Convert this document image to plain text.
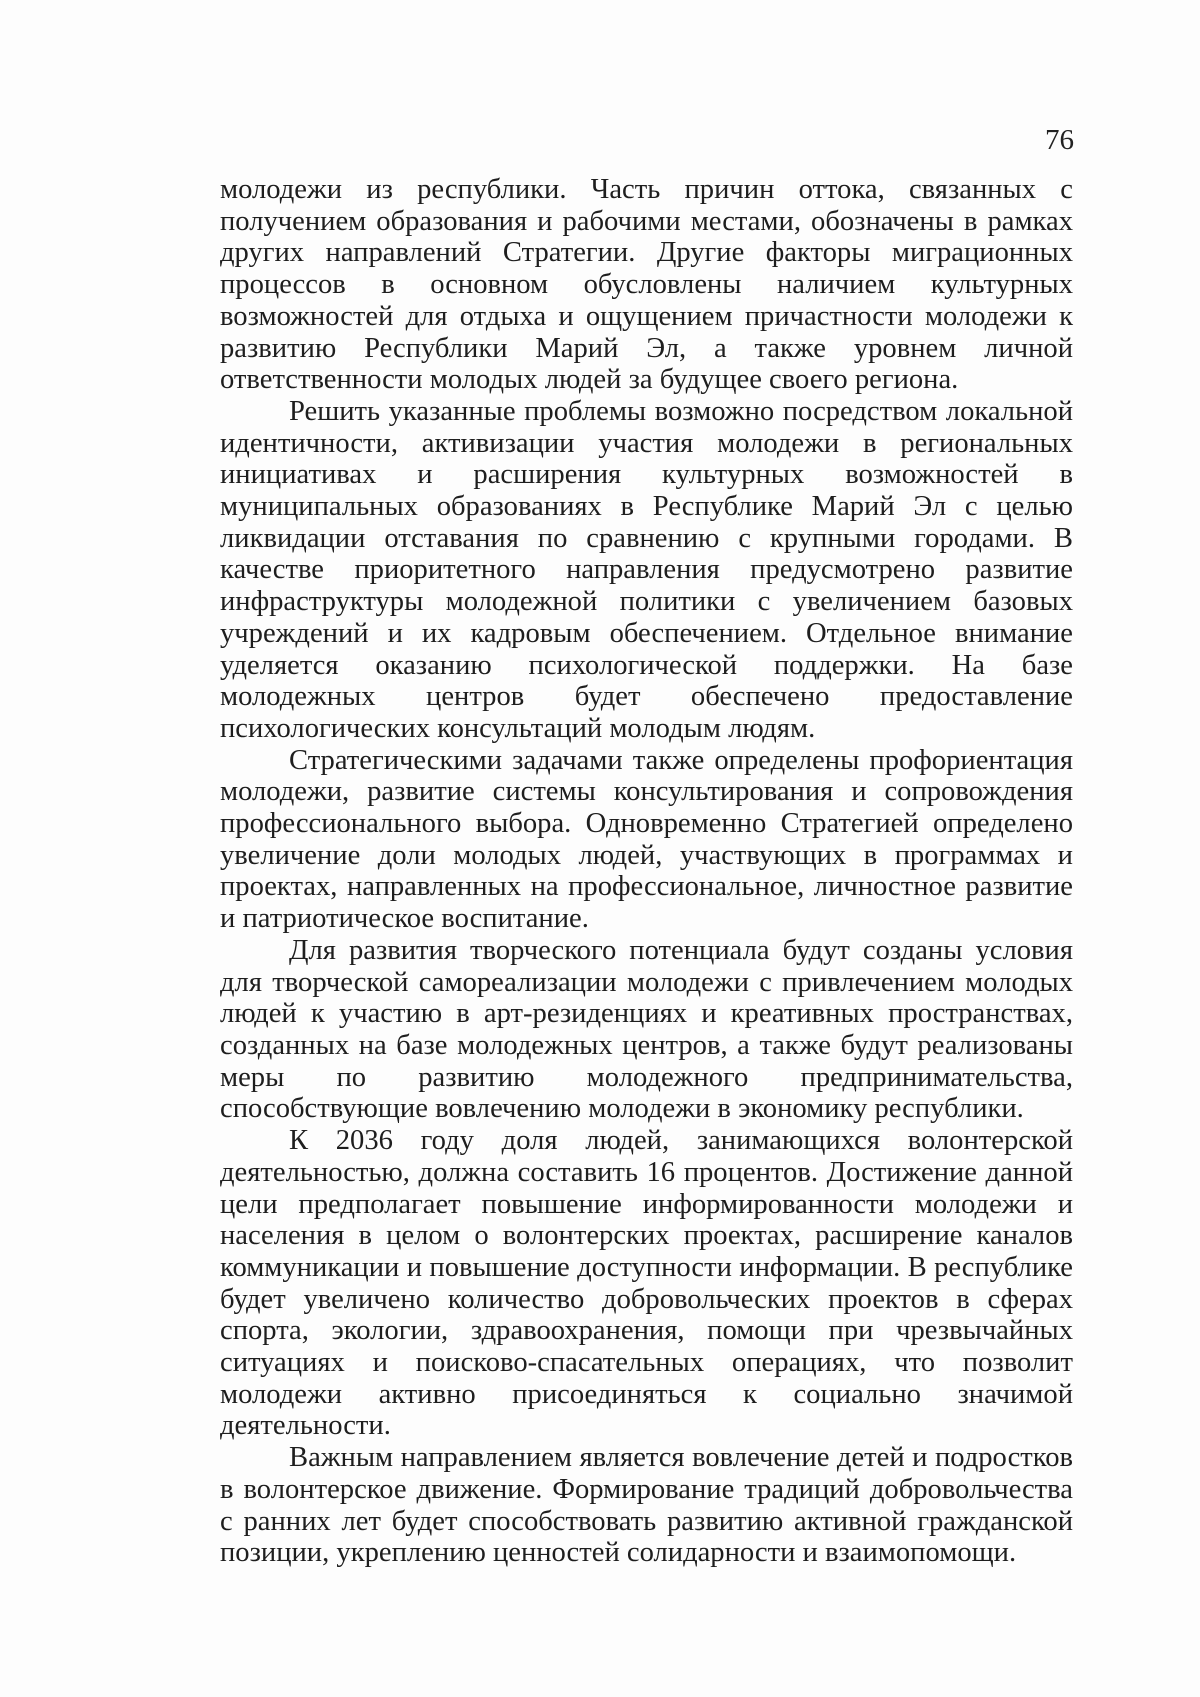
76

молодежи из республики. Часть причин оттока, связанных с получением образования и рабочими местами, обозначены в рамках других направлений Стратегии. Другие факторы миграционных процессов в основном обусловлены наличием культурных возможностей для отдыха и ощущением причастности молодежи к развитию Республики Марий Эл, а также уровнем личной ответственности молодых людей за будущее своего региона.

Решить указанные проблемы возможно посредством локальной идентичности, активизации участия молодежи в региональных инициативах и расширения культурных возможностей в муниципальных образованиях в Республике Марий Эл с целью ликвидации отставания по сравнению с крупными городами. В качестве приоритетного направления предусмотрено развитие инфраструктуры молодежной политики с увеличением базовых учреждений и их кадровым обеспечением. Отдельное внимание уделяется оказанию психологической поддержки. На базе молодежных центров будет обеспечено предоставление психологических консультаций молодым людям.

Стратегическими задачами также определены профориентация молодежи, развитие системы консультирования и сопровождения профессионального выбора. Одновременно Стратегией определено увеличение доли молодых людей, участвующих в программах и проектах, направленных на профессиональное, личностное развитие и патриотическое воспитание.

Для развития творческого потенциала будут созданы условия для творческой самореализации молодежи с привлечением молодых людей к участию в арт-резиденциях и креативных пространствах, созданных на базе молодежных центров, а также будут реализованы меры по развитию молодежного предпринимательства, способствующие вовлечению молодежи в экономику республики.

К 2036 году доля людей, занимающихся волонтерской деятельностью, должна составить 16 процентов. Достижение данной цели предполагает повышение информированности молодежи и населения в целом о волонтерских проектах, расширение каналов коммуникации и повышение доступности информации. В республике будет увеличено количество добровольческих проектов в сферах спорта, экологии, здравоохранения, помощи при чрезвычайных ситуациях и поисково-спасательных операциях, что позволит молодежи активно присоединяться к социально значимой деятельности.

Важным направлением является вовлечение детей и подростков в волонтерское движение. Формирование традиций добровольчества с ранних лет будет способствовать развитию активной гражданской позиции, укреплению ценностей солидарности и взаимопомощи.
